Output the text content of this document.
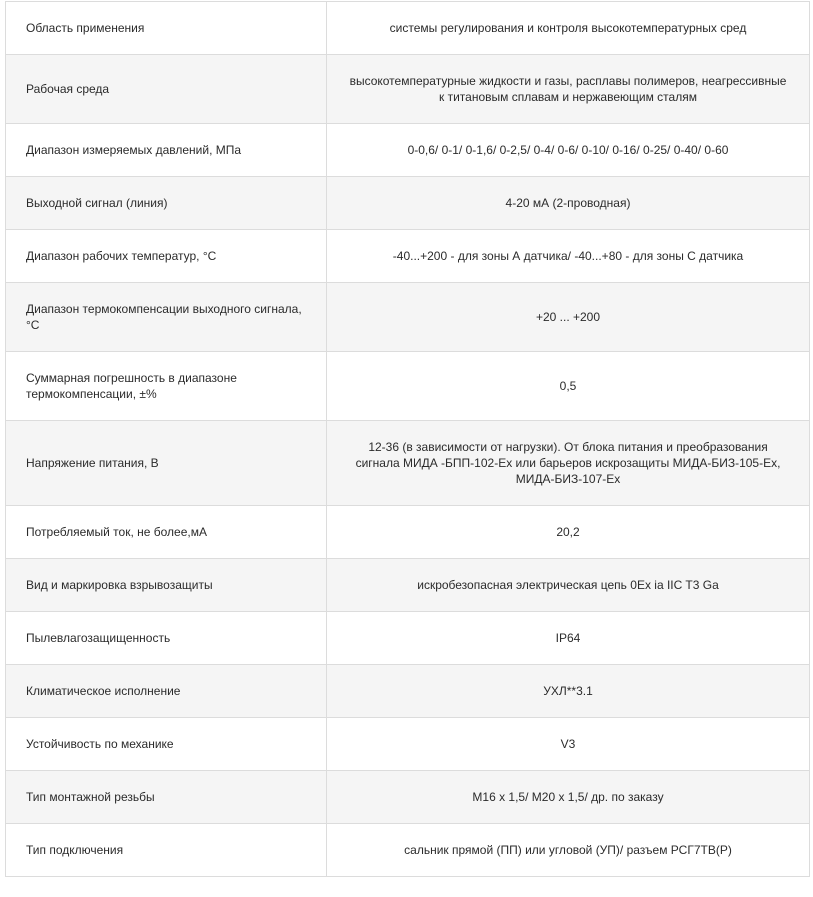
Область применения	системы регулирования и контроля высокотемпературных сред
Рабочая среда	высокотемпературные жидкости и газы, расплавы полимеров, неагрессивные к титановым сплавам и нержавеющим сталям
Диапазон измеряемых давлений, МПа	0-0,6/ 0-1/ 0-1,6/ 0-2,5/ 0-4/ 0-6/ 0-10/ 0-16/ 0-25/ 0-40/ 0-60
Выходной сигнал (линия)	4-20 мА (2-проводная)
Диапазон рабочих температур, °С	-40...+200 - для зоны А датчика/ -40...+80 - для зоны С датчика
Диапазон термокомпенсации выходного сигнала, °С	+20 ... +200
Суммарная погрешность в диапазоне термокомпенсации, ±%	0,5
Напряжение питания, В	12-36 (в зависимости от нагрузки). От блока питания и преобразования сигнала МИДА -БПП-102-Ех или барьеров искрозащиты МИДА-БИЗ-105-Ех, МИДА-БИЗ-107-Ех
Потребляемый ток, не более,мА	20,2
Вид и маркировка взрывозащиты	искробезопасная электрическая цепь 0Ex ia IIC T3 Ga
Пылевлагозащищенность	IP64
Климатическое исполнение	УХЛ**3.1
Устойчивость по механике	V3
Тип монтажной резьбы	М16 х 1,5/ М20 х 1,5/ др. по заказу
Тип подключения	сальник прямой (ПП) или угловой (УП)/ разъем РСГ7ТВ(Р)
